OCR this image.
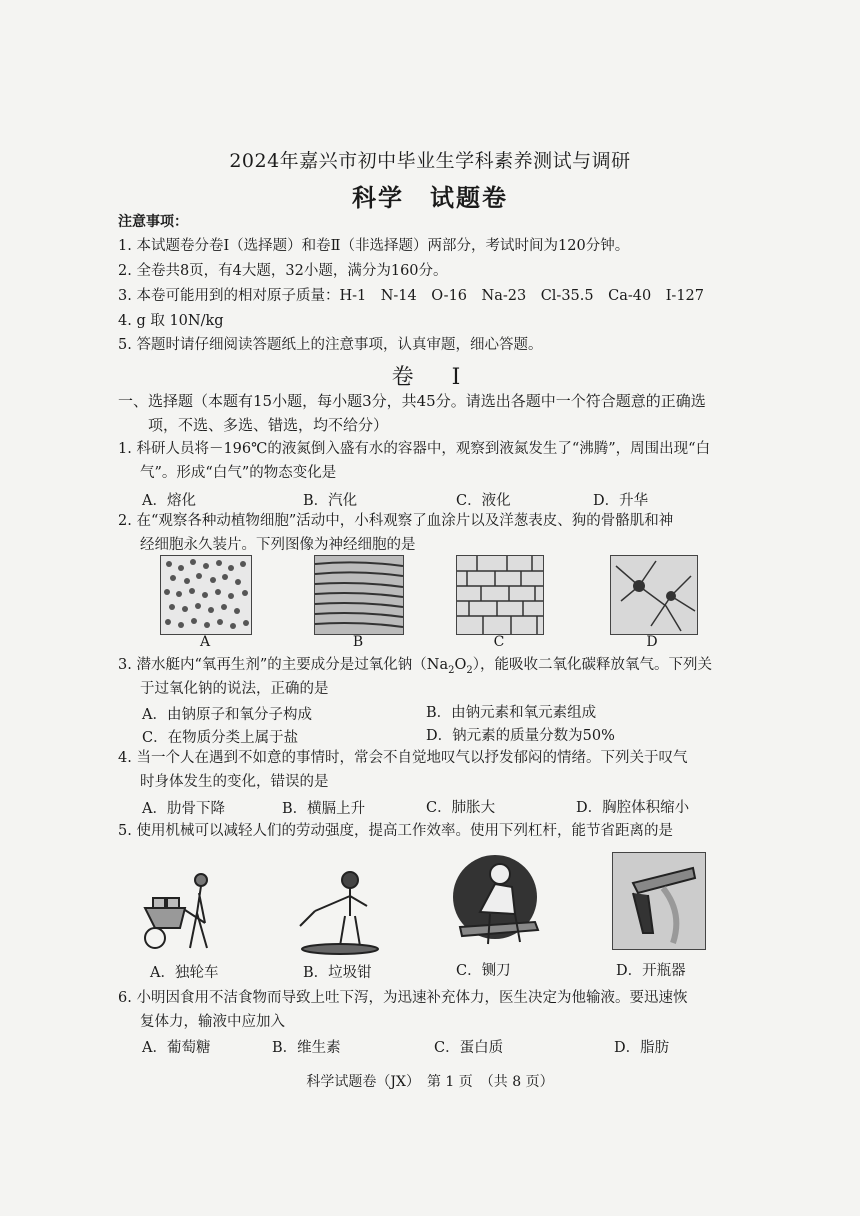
2024年嘉兴市初中毕业生学科素养测试与调研
科学　试题卷
注意事项：
1. 本试题卷分卷Ⅰ（选择题）和卷Ⅱ（非选择题）两部分，考试时间为120分钟。
2. 全卷共8页，有4大题，32小题，满分为160分。
3. 本卷可能用到的相对原子质量：H-1　N-14　O-16　Na-23　Cl-35.5　Ca-40　I-127
4. g 取 10N/kg
5. 答题时请仔细阅读答题纸上的注意事项，认真审题，细心答题。
卷　Ⅰ
一、选择题（本题有15小题，每小题3分，共45分。请选出各题中一个符合题意的正确选
项，不选、多选、错选，均不给分）
1. 科研人员将－196℃的液氮倒入盛有水的容器中，观察到液氮发生了“沸腾”，周围出现“白
气”。形成“白气”的物态变化是
A．熔化	B．汽化	C．液化	D．升华
2. 在“观察各种动植物细胞”活动中，小科观察了血涂片以及洋葱表皮、狗的骨骼肌和神
经细胞永久装片。下列图像为神经细胞的是
A	B	C	D
3. 潜水艇内“氧再生剂”的主要成分是过氧化钠$(Na_2O_2)$，能吸收二氧化碳释放氧气。下列关
于过氧化钠的说法，正确的是
A．由钠原子和氧分子构成	B．由钠元素和氧元素组成
C．在物质分类上属于盐	D．钠元素的质量分数为50%
4. 当一个人在遇到不如意的事情时，常会不自觉地叹气以抒发郁闷的情绪。下列关于叹气
时身体发生的变化，错误的是
A．肋骨下降	B．横膈上升	C．肺胀大	D．胸腔体积缩小
5. 使用机械可以减轻人们的劳动强度，提高工作效率。使用下列杠杆，能节省距离的是
A．独轮车	B．垃圾钳	C．铡刀	D．开瓶器
6. 小明因食用不洁食物而导致上吐下泻，为迅速补充体力，医生决定为他输液。要迅速恢
复体力，输液中应加入
A．葡萄糖	B．维生素	C．蛋白质	D．脂肪
科学试题卷（JX）　第 1 页　（共 8 页）
